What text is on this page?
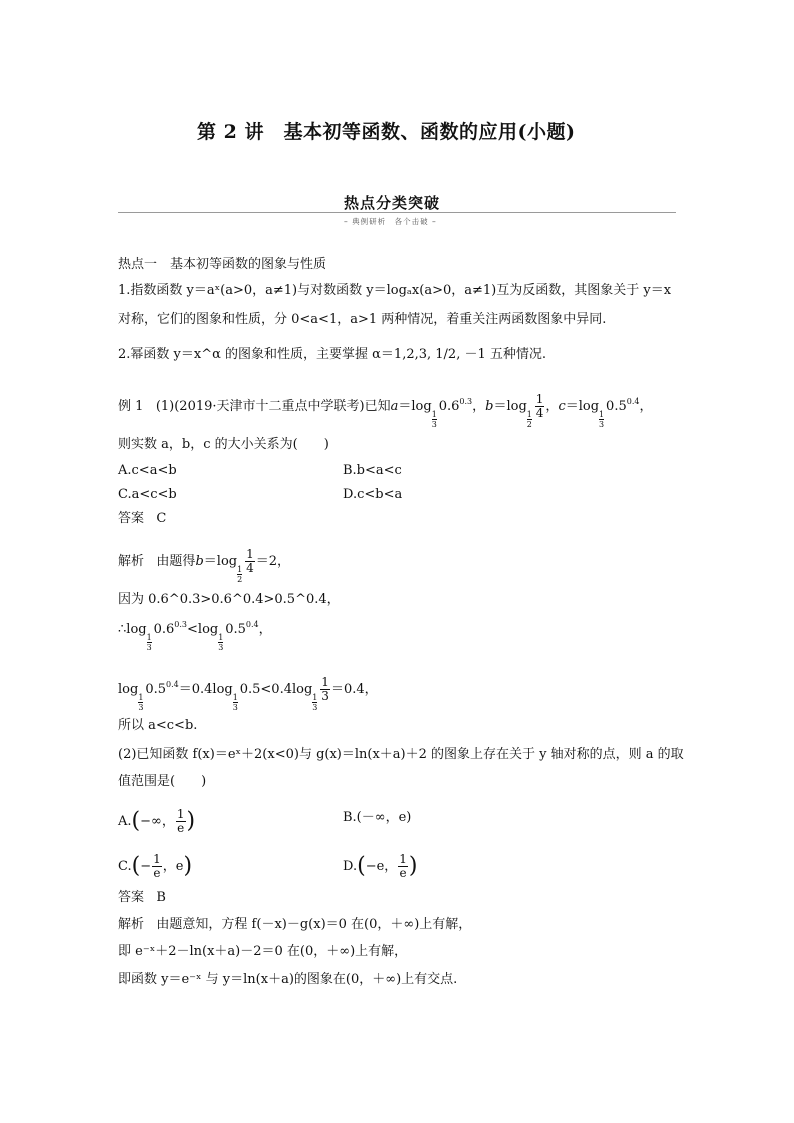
第 2 讲　基本初等函数、函数的应用(小题)
热点分类突破
– 典例研析　各个击破 –
热点一　基本初等函数的图象与性质
1.指数函数 y＝aˣ(a>0，a≠1)与对数函数 y＝logₐx(a>0，a≠1)互为反函数，其图象关于 y＝x
对称，它们的图象和性质，分 0<a<1，a>1 两种情况，着重关注两函数图象中异同.
2.幂函数 y＝x^α 的图象和性质，主要掌握 α＝1,2,3, 1/2, －1 五种情况.
例 1 (1)(2019·天津市十二重点中学联考)已知a＝log
1
3
$0.6^{0.3}$，b＝log
1
2
$\frac{1}{4}$ ，c＝log
1
3
$0.5^{0.4}$，
则实数 a，b，c 的大小关系为(　　)
A.c<a<b	B.b<a<c
C.a<c<b	D.c<b<a
答案 C
解析 由题得b＝log
1
2
$\frac{1}{4} =2$，
因为 0.6^0.3>0.6^0.4>0.5^0.4，
∴log
1
3
$0.6^{0.3}<\log$
1
3
$0.5^{0.4}$，
log
1
3
$0.5^{0.4}=0.4\log$
1
3
0.5<0.4log
1
3
$\frac{1}{3} =0.4$，
所以 a<c<b.
(2)已知函数 f(x)＝eˣ＋2(x<0)与 g(x)＝ln(x＋a)＋2 的图象上存在关于 y 轴对称的点，则 a 的取
值范围是(　　)
A.(−∞， $\frac{1}{e}$ )	B.(－∞，e)
$C.(- \frac{1}{e}$ ，e)	D.(−e， $\frac{1}{e}$ )
答案 B
解析 由题意知，方程 f(－x)－g(x)＝0 在(0，＋∞)上有解，
即 e⁻ˣ＋2－ln(x＋a)－2＝0 在(0，＋∞)上有解，
即函数 y＝e⁻ˣ 与 y＝ln(x＋a)的图象在(0，＋∞)上有交点.
